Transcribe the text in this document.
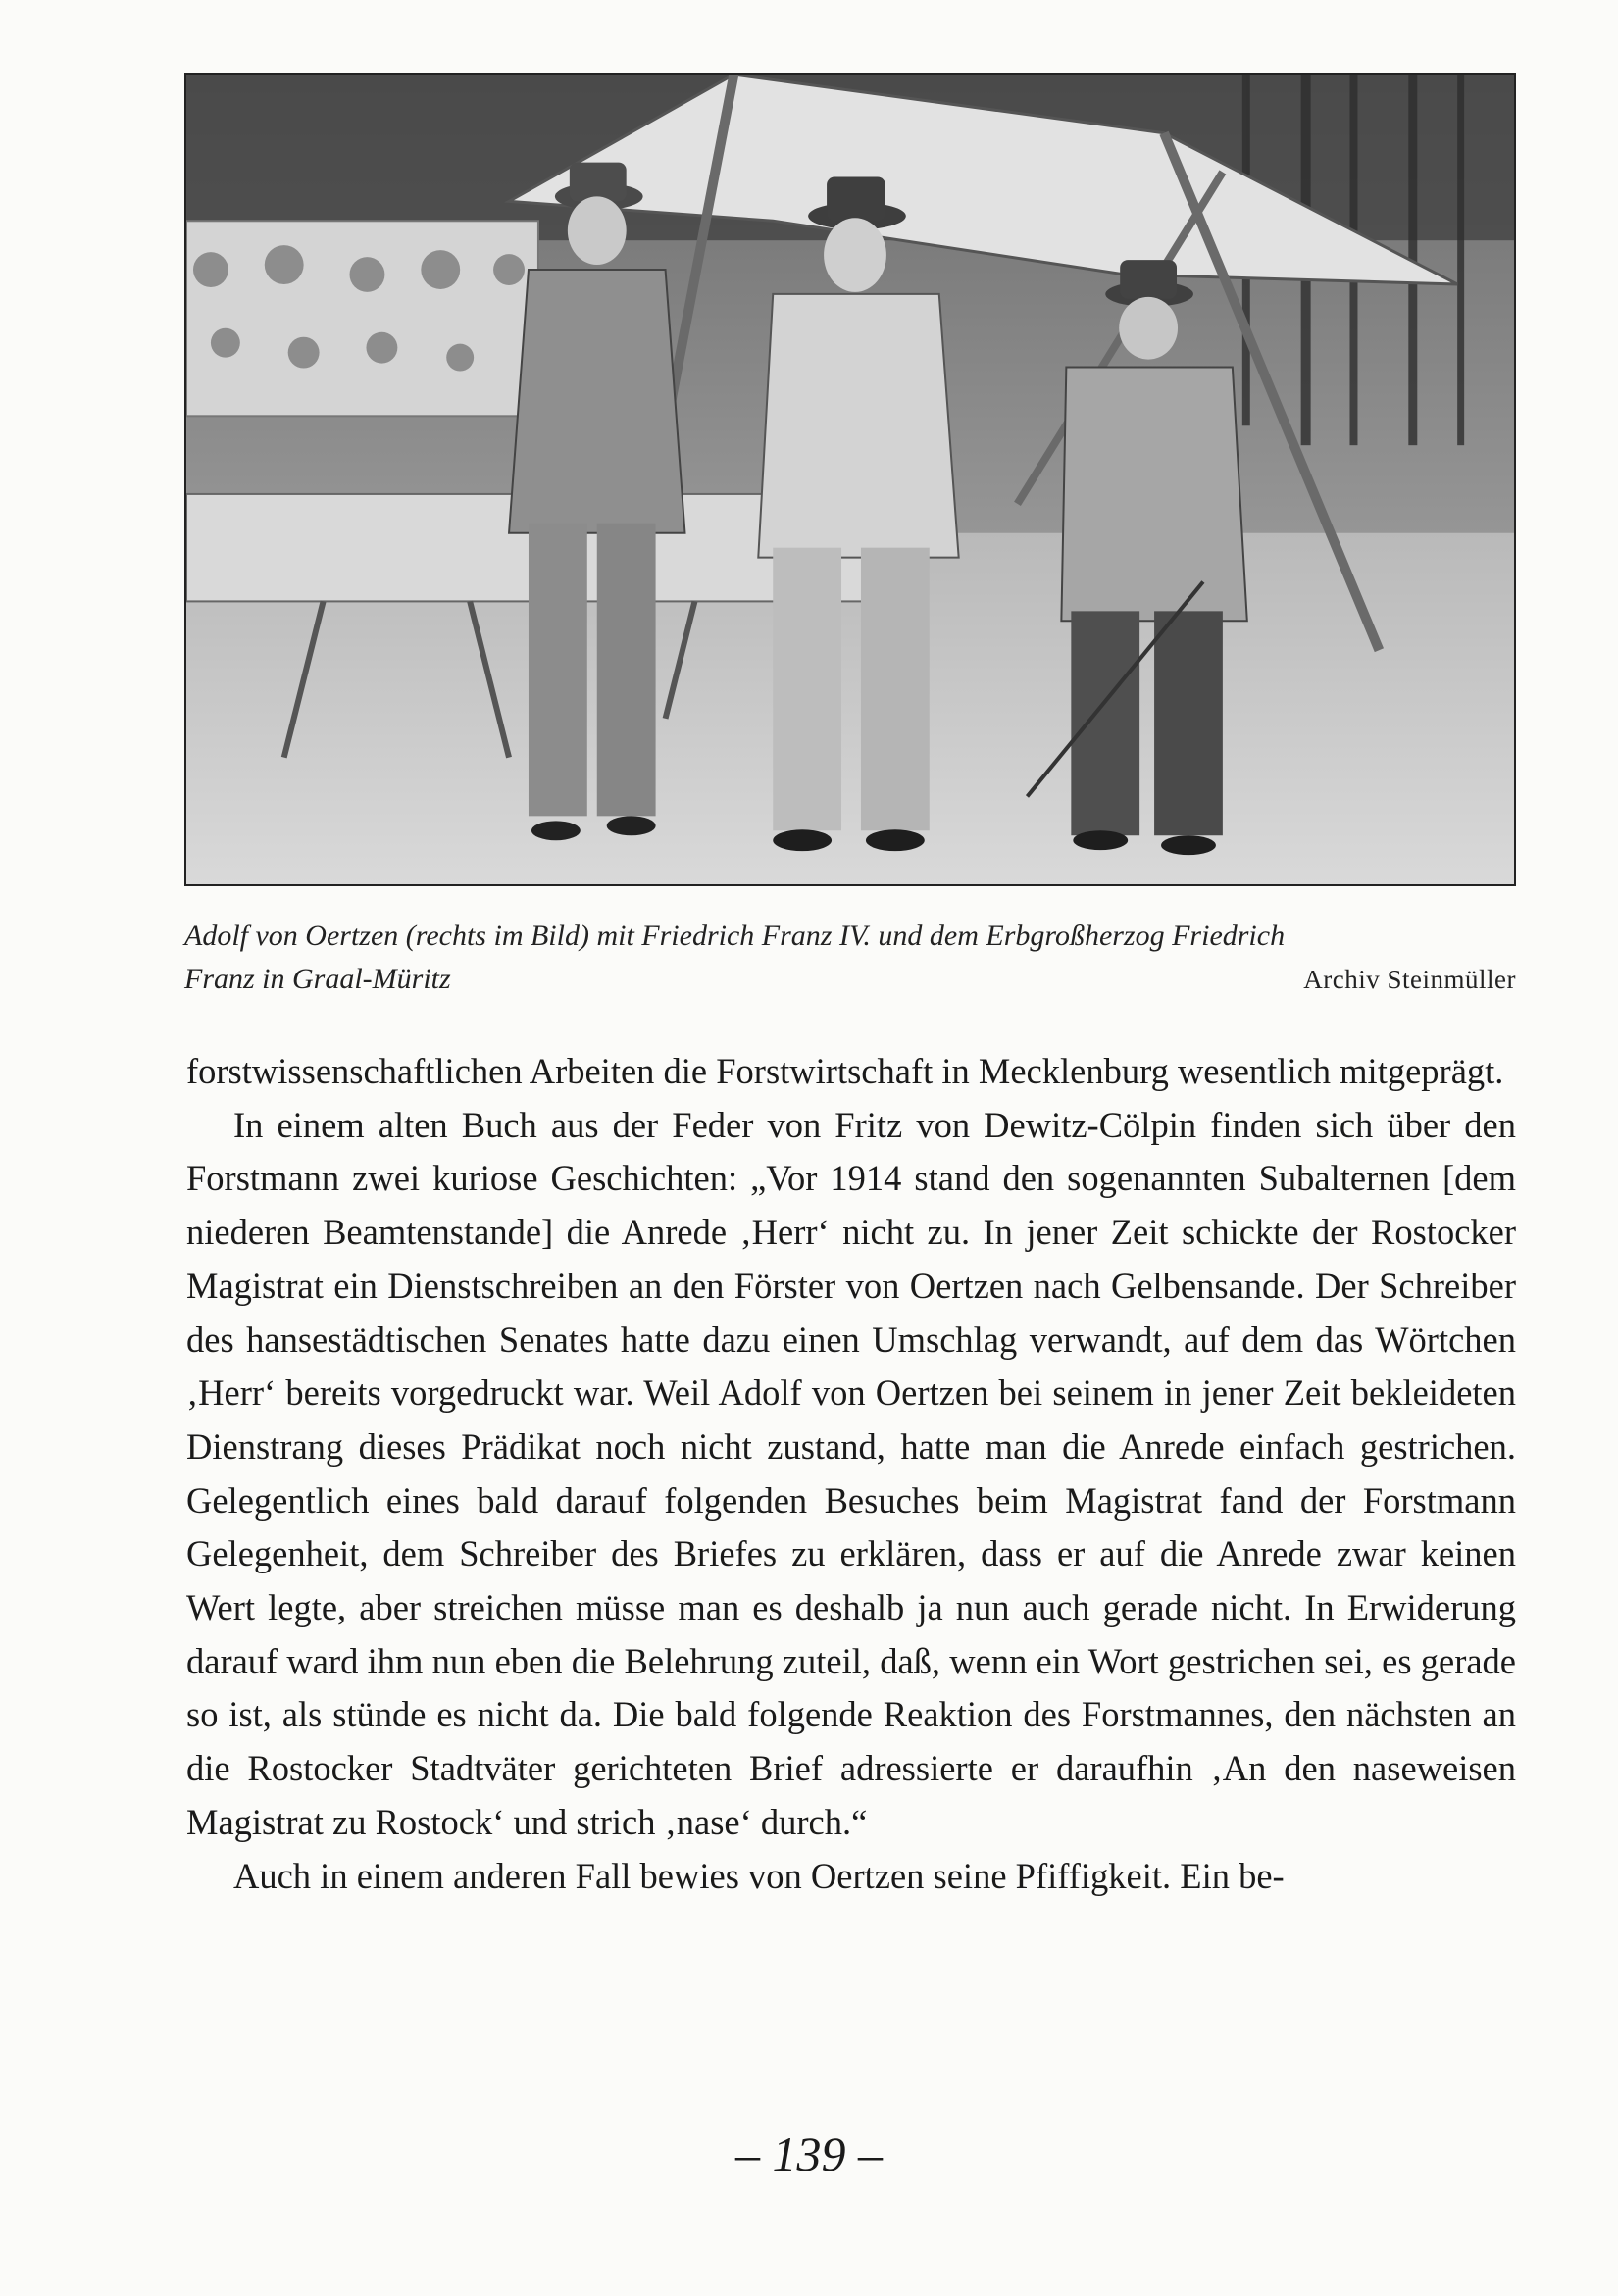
Adolf von Oertzen (rechts im Bild) mit Friedrich Franz IV. und dem Erbgroßherzog Friedrich
Franz in Graal-Müritz	Archiv Steinmüller

forstwissenschaftlichen Arbeiten die Forstwirtschaft in Mecklenburg wesentlich mitgeprägt.

In einem alten Buch aus der Feder von Fritz von Dewitz-Cölpin finden sich über den Forstmann zwei kuriose Geschichten: „Vor 1914 stand den sogenannten Subalternen [dem niederen Beamtenstande] die Anrede ‚Herr‘ nicht zu. In jener Zeit schickte der Rostocker Magistrat ein Dienstschreiben an den Förster von Oertzen nach Gelbensande. Der Schreiber des hansestädtischen Senates hatte dazu einen Umschlag verwandt, auf dem das Wörtchen ‚Herr‘ bereits vorgedruckt war. Weil Adolf von Oertzen bei seinem in jener Zeit bekleideten Dienstrang dieses Prädikat noch nicht zustand, hatte man die Anrede einfach gestrichen. Gelegentlich eines bald darauf folgenden Besuches beim Magistrat fand der Forstmann Gelegenheit, dem Schreiber des Briefes zu erklären, dass er auf die Anrede zwar keinen Wert legte, aber streichen müsse man es deshalb ja nun auch gerade nicht. In Erwiderung darauf ward ihm nun eben die Belehrung zuteil, daß, wenn ein Wort gestrichen sei, es gerade so ist, als stünde es nicht da. Die bald folgende Reaktion des Forstmannes, den nächsten an die Rostocker Stadtväter gerichteten Brief adressierte er daraufhin ‚An den naseweisen Magistrat zu Rostock‘ und strich ‚nase‘ durch.“

Auch in einem anderen Fall bewies von Oertzen seine Pfiffigkeit. Ein be-

– 139 –
